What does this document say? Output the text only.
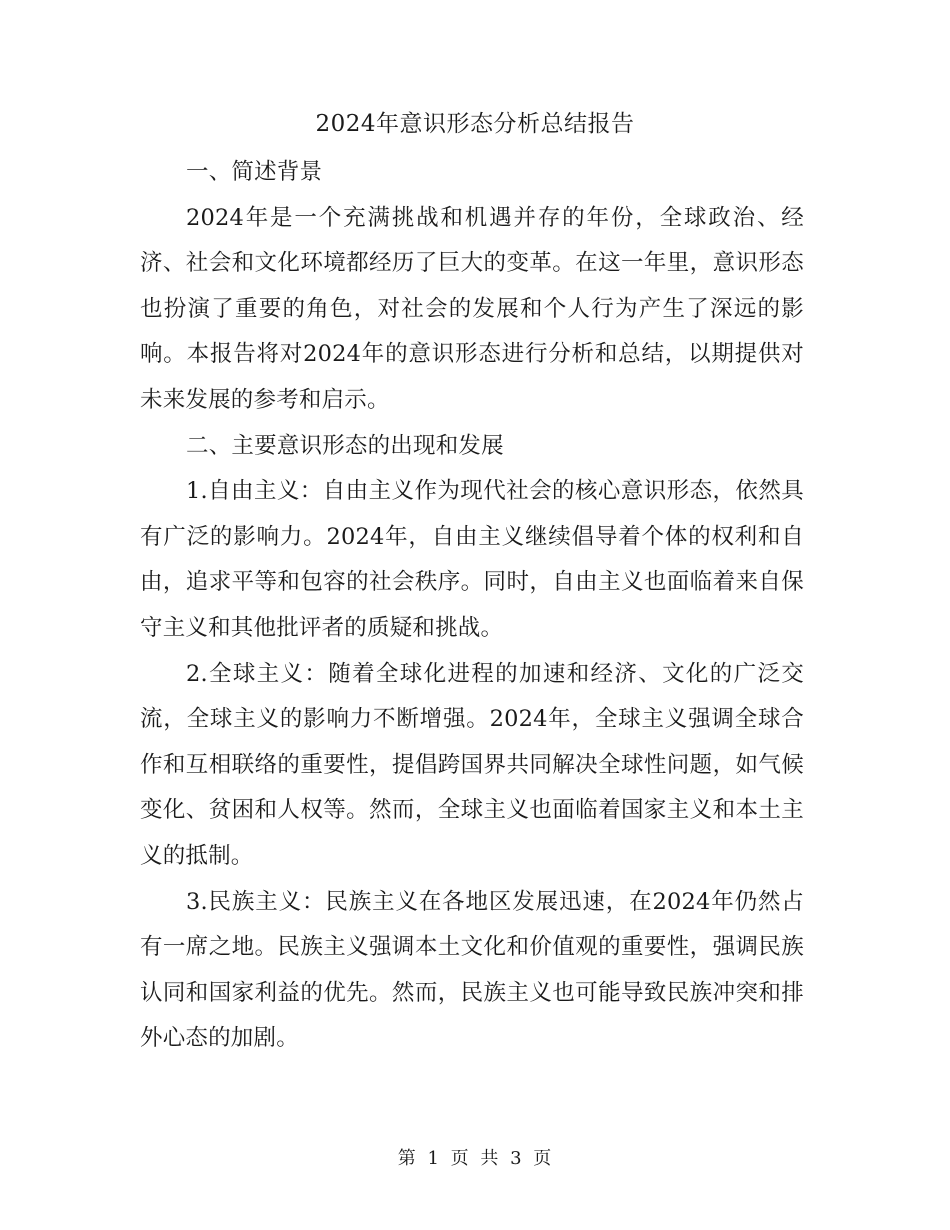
2024年意识形态分析总结报告

一、简述背景

2024年是一个充满挑战和机遇并存的年份，全球政治、经济、社会和文化环境都经历了巨大的变革。在这一年里，意识形态也扮演了重要的角色，对社会的发展和个人行为产生了深远的影响。本报告将对2024年的意识形态进行分析和总结，以期提供对未来发展的参考和启示。

二、主要意识形态的出现和发展

1.自由主义：自由主义作为现代社会的核心意识形态，依然具有广泛的影响力。2024年，自由主义继续倡导着个体的权利和自由，追求平等和包容的社会秩序。同时，自由主义也面临着来自保守主义和其他批评者的质疑和挑战。

2.全球主义：随着全球化进程的加速和经济、文化的广泛交流，全球主义的影响力不断增强。2024年，全球主义强调全球合作和互相联络的重要性，提倡跨国界共同解决全球性问题，如气候变化、贫困和人权等。然而，全球主义也面临着国家主义和本土主义的抵制。

3.民族主义：民族主义在各地区发展迅速，在2024年仍然占有一席之地。民族主义强调本土文化和价值观的重要性，强调民族认同和国家利益的优先。然而，民族主义也可能导致民族冲突和排外心态的加剧。

第 1 页 共 3 页
